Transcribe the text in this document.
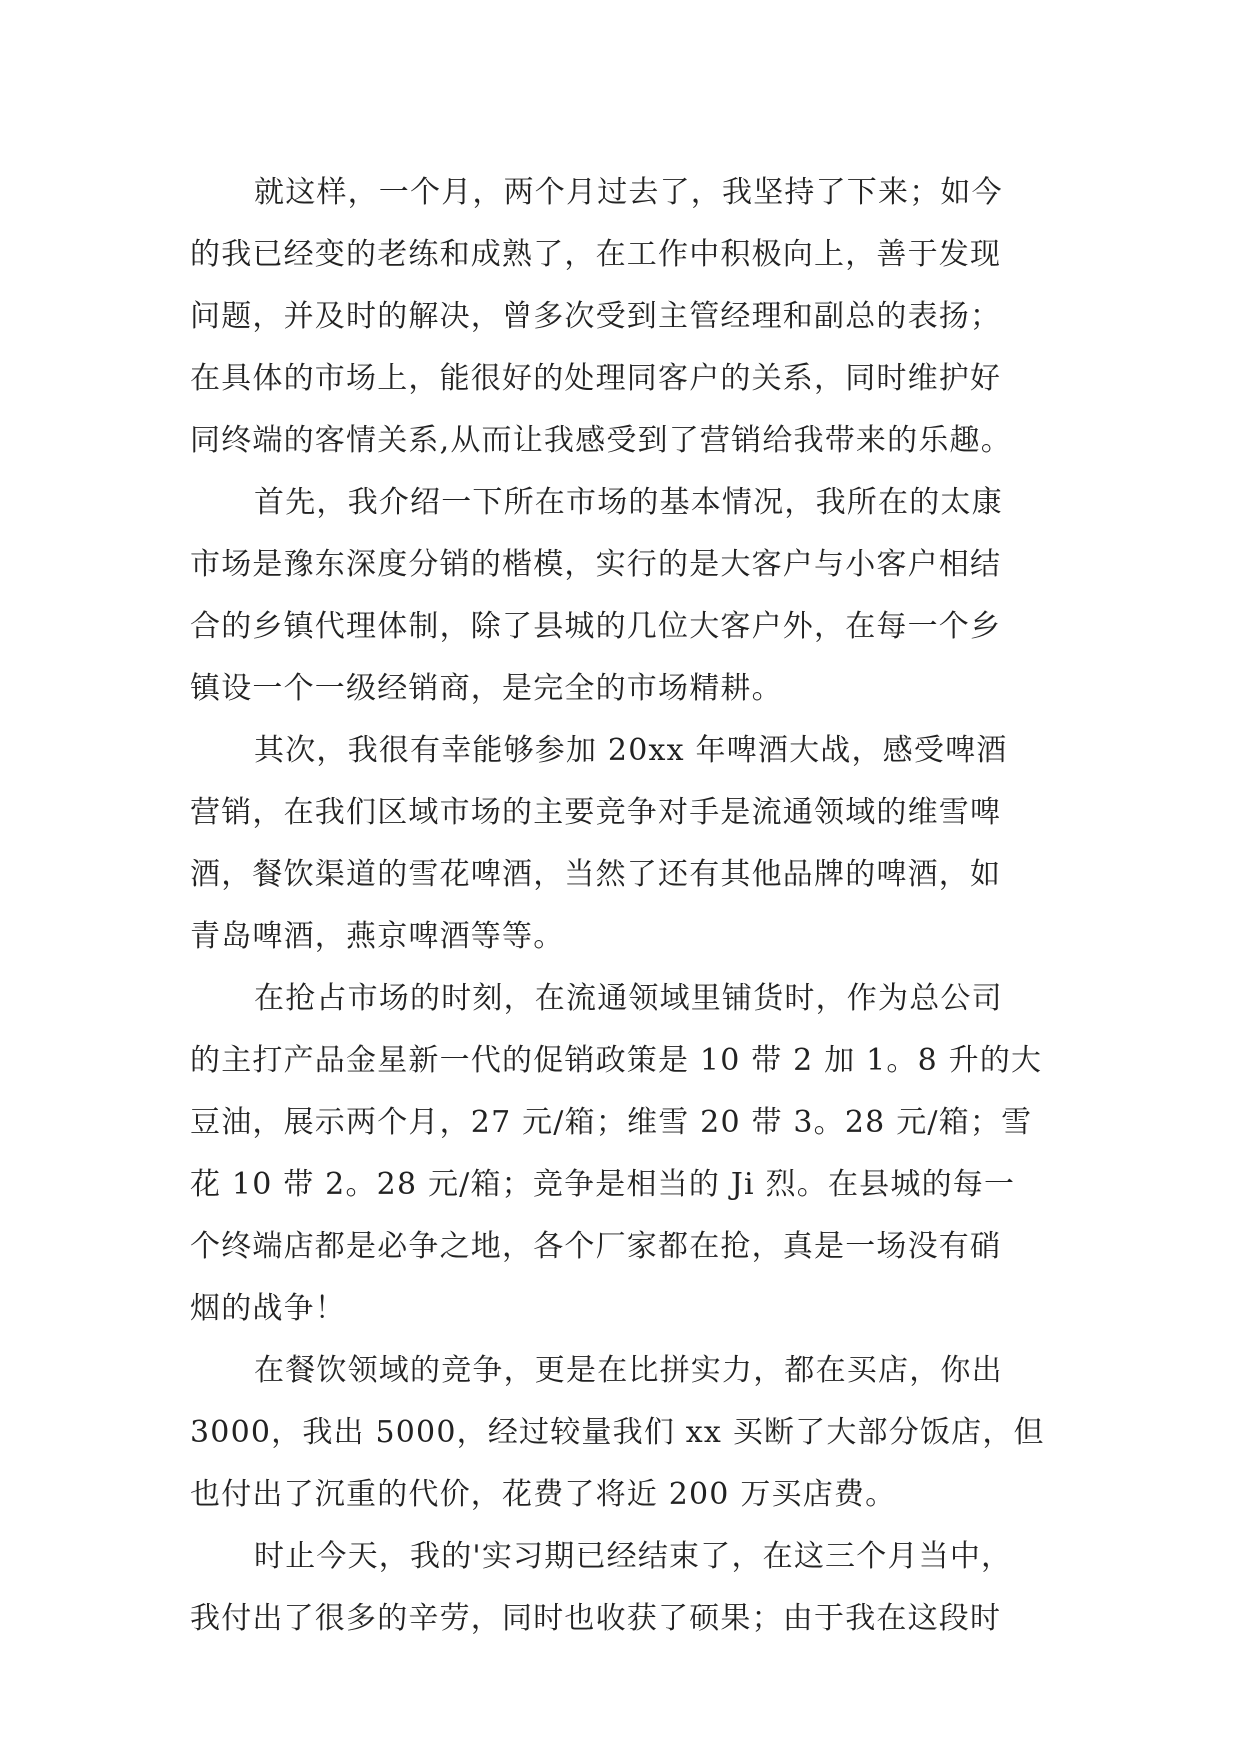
就这样，一个月，两个月过去了，我坚持了下来；如今
的我已经变的老练和成熟了，在工作中积极向上，善于发现
问题，并及时的解决，曾多次受到主管经理和副总的表扬；
在具体的市场上，能很好的处理同客户的关系，同时维护好
同终端的客情关系,从而让我感受到了营销给我带来的乐趣。
首先，我介绍一下所在市场的基本情况，我所在的太康
市场是豫东深度分销的楷模，实行的是大客户与小客户相结
合的乡镇代理体制，除了县城的几位大客户外，在每一个乡
镇设一个一级经销商，是完全的市场精耕。
其次，我很有幸能够参加 20xx 年啤酒大战，感受啤酒
营销，在我们区域市场的主要竞争对手是流通领域的维雪啤
酒，餐饮渠道的雪花啤酒，当然了还有其他品牌的啤酒，如
青岛啤酒，燕京啤酒等等。
在抢占市场的时刻，在流通领域里铺货时，作为总公司
的主打产品金星新一代的促销政策是 10 带 2 加 1。8 升的大
豆油，展示两个月，27 元/箱；维雪 20 带 3。28 元/箱；雪
花 10 带 2。28 元/箱；竞争是相当的 Ji 烈。在县城的每一
个终端店都是必争之地，各个厂家都在抢，真是一场没有硝
烟的战争！
在餐饮领域的竞争，更是在比拼实力，都在买店，你出
3000，我出 5000，经过较量我们 xx 买断了大部分饭店，但
也付出了沉重的代价，花费了将近 200 万买店费。
时止今天，我的'实习期已经结束了，在这三个月当中，
我付出了很多的辛劳，同时也收获了硕果；由于我在这段时
